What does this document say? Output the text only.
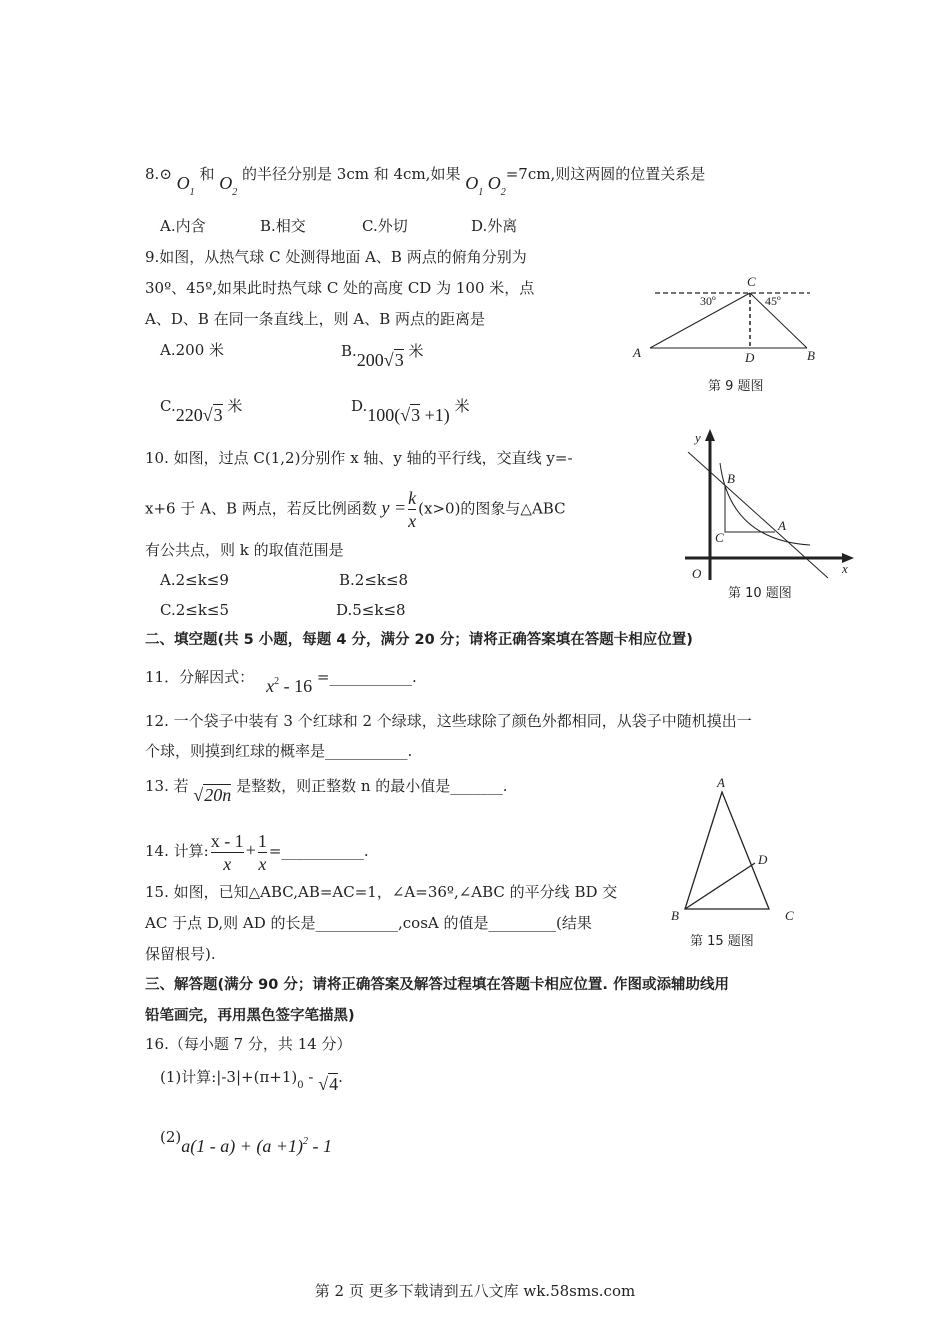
8.⊙ $O_1$ 和 $O_2$ 的半径分别是 3cm 和 4cm,如果 $O_1$ $O_2=7cm$,则这两圆的位置关系是
A.内含	B.相交	C.外切	D.外离
9.如图，从热气球 C 处测得地面 A、B 两点的俯角分别为
30º、45º,如果此时热气球 C 处的高度 CD 为 100 米，点
A、D、B 在同一条直线上，则 A、B 两点的距离是
A.200 米	B.200√3 米
C.220√3 米	D.100(√3 +1) 米
C
A	D	B
30º	45º
第 9 题图
10. 如图，过点 C(1,2)分别作 x 轴、y 轴的平行线，交直线 y=-
x+6 于 A、B 两点，若反比例函数 $y = \frac{k}{x} (x>0)$的图象与△ABC
有公共点，则 k 的取值范围是
A.2≤k≤9	B.2≤k≤8
C.2≤k≤5	D.5≤k≤8
y
B
A
C
O	x
第 10 题图
二、填空题(共 5 小题，每题 4 分，满分 20 分；请将正确答案填在答题卡相应位置)
11．分解因式： $x^2 - 16$ =___________.
12. 一个袋子中装有 3 个红球和 2 个绿球，这些球除了颜色外都相同，从袋子中随机摸出一
个球，则摸到红球的概率是___________.
13. 若 √20n 是整数，则正整数 n 的最小值是_______.
14. 计算: $\frac{x - 1}{x} + \frac{1}{x}$ =___________.
15. 如图，已知△ABC,AB=AC=1，∠A=36º,∠ABC 的平分线 BD 交
AC 于点 D,则 AD 的长是___________,cosA 的值是_________(结果
保留根号).
A
D
B	C
第 15 题图
三、解答题(满分 90 分；请将正确答案及解答过程填在答题卡相应位置. 作图或添辅助线用
铅笔画完，再用黑色签字笔描黑)
16.（每小题 7 分，共 14 分）
(1)计算$:|-3|+(\pi+1)_0 - √4$.
$(2)a(1 - a) + (a +1)^2 - 1$
第 2 页 更多下载请到五八文库 wk.58sms.com
